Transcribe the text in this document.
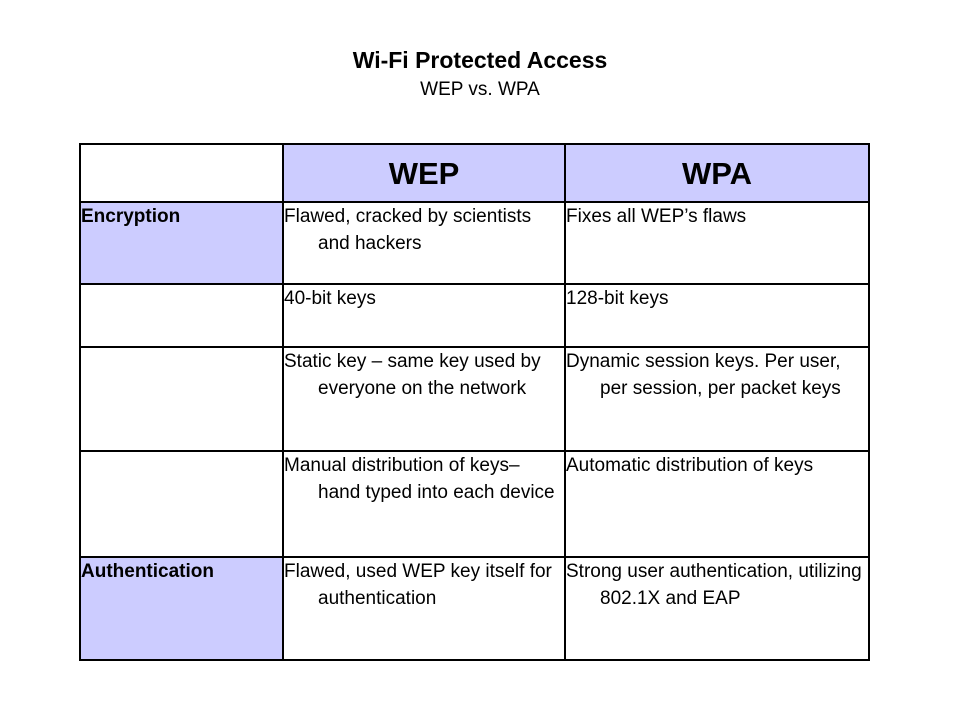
Wi-Fi Protected Access
WEP vs. WPA
	WEP	WPA
Encryption	Flawed, cracked by scientists and hackers	Fixes all WEP’s flaws

	40-bit keys	128-bit keys

	Static key – same key used by everyone on the network	Dynamic session keys. Per user, per session, per packet keys

	Manual distribution of keys– hand typed into each device	Automatic distribution of keys

Authentication	Flawed, used WEP key itself for authentication	Strong user authentication, utilizing 802.1X and EAP
